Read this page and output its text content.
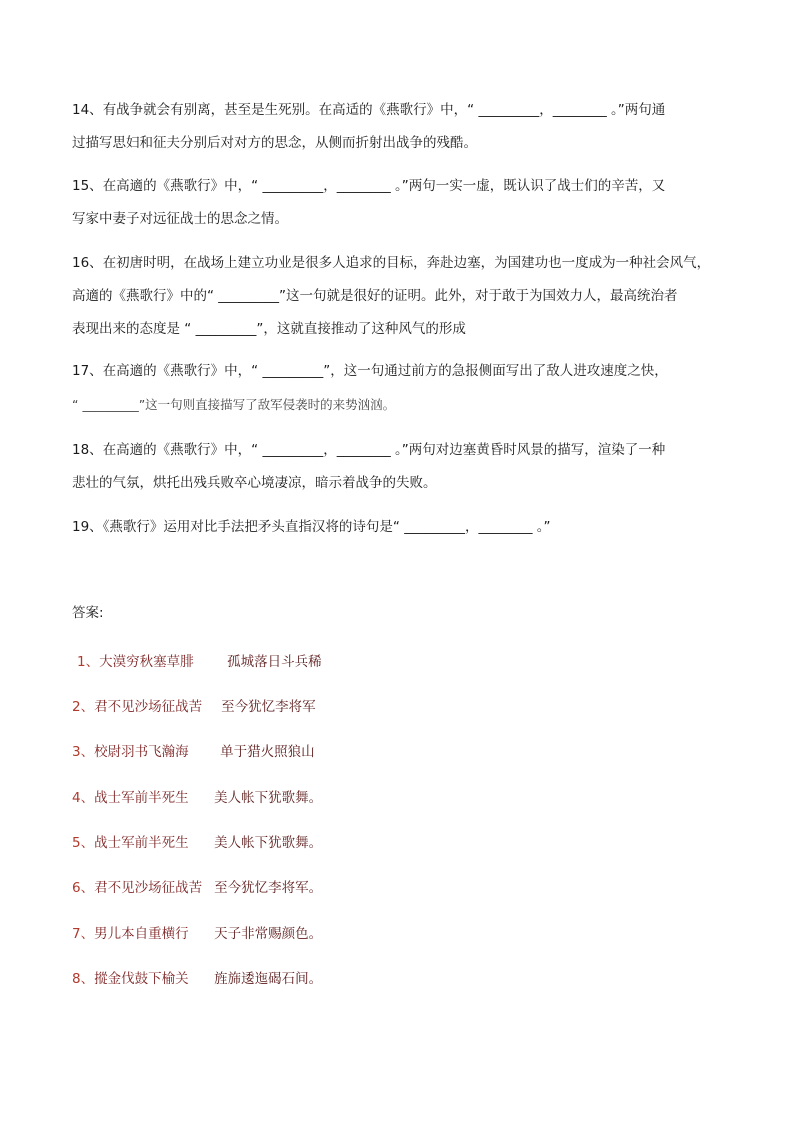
14、有战争就会有别离，甚至是生死别。在高适的《燕歌行》中，“ _________，________ 。”两句通
过描写思妇和征夫分别后对对方的思念，从侧而折射出战争的残酷。
15、在高適的《燕歌行》中，“ _________，________ 。”两句一实一虚，既认识了战士们的辛苦，又
写家中妻子对远征战士的思念之情。
16、在初唐时明，在战场上建立功业是很多人追求的目标，奔赴边塞，为国建功也一度成为一种社会风气，
高適的《燕歌行》中的“ _________”这一句就是很好的证明。此外，对于敢于为国效力人，最高统治者
表现出来的态度是 “ _________”，这就直接推动了这种风气的形成
17、在高適的《燕歌行》中，“ _________”，这一句通过前方的急报侧面写出了敌人进攻速度之快，
“ _________”这一句则直接描写了敌军侵袭时的来势汹汹。
18、在高適的《燕歌行》中，“ _________，________ 。”两句对边塞黄昏时风景的描写，渲染了一种
悲壮的气氛，烘托出残兵败卒心境凄凉，暗示着战争的失败。
19、《燕歌行》运用对比手法把矛头直指汉将的诗句是“ _________，________ 。”

答案:

1、大漠穷秋塞草腓 孤城落日斗兵稀

2、君不见沙场征战苦 至今犹忆李将军

3、校尉羽书飞瀚海 单于猎火照狼山

4、战士军前半死生 美人帐下犹歌舞。

5、战士军前半死生 美人帐下犹歌舞。

6、君不见沙场征战苦 至今犹忆李将军。

7、男儿本自重横行 天子非常赐颜色。

8、摐金伐鼓下榆关 旌旆逶迤碣石间。
